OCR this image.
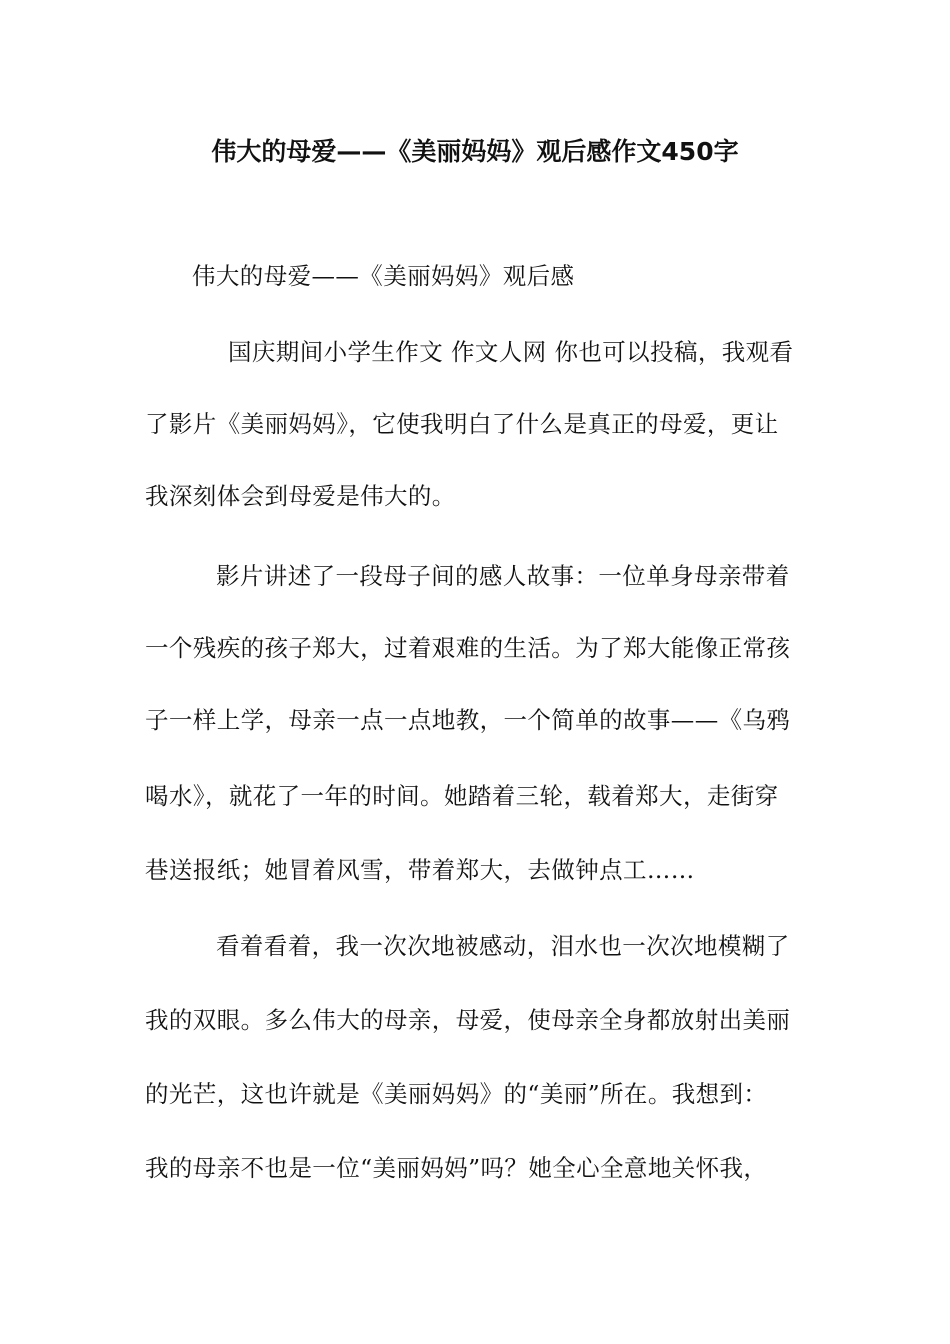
伟大的母爱——《美丽妈妈》观后感作文450字
伟大的母爱——《美丽妈妈》观后感
国庆期间小学生作文 作文人网 你也可以投稿，我观看
了影片《美丽妈妈》，它使我明白了什么是真正的母爱，更让
我深刻体会到母爱是伟大的。
影片讲述了一段母子间的感人故事：一位单身母亲带着
一个残疾的孩子郑大，过着艰难的生活。为了郑大能像正常孩
子一样上学，母亲一点一点地教，一个简单的故事——《乌鸦
喝水》，就花了一年的时间。她踏着三轮，载着郑大，走街穿
巷送报纸；她冒着风雪，带着郑大，去做钟点工……
看着看着，我一次次地被感动，泪水也一次次地模糊了
我的双眼。多么伟大的母亲，母爱，使母亲全身都放射出美丽
的光芒，这也许就是《美丽妈妈》的“美丽”所在。我想到：
我的母亲不也是一位“美丽妈妈”吗？她全心全意地关怀我，
